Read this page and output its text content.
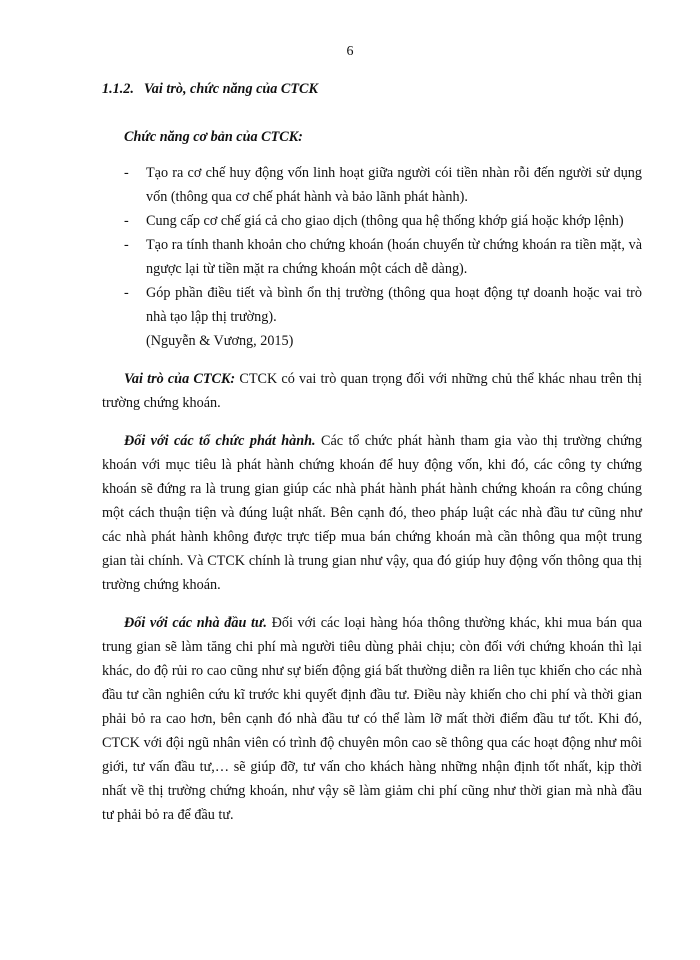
6
1.1.2. Vai trò, chức năng của CTCK
Chức năng cơ bản của CTCK:
- Tạo ra cơ chế huy động vốn linh hoạt giữa người cói tiền nhàn rỗi đến người sử dụng vốn (thông qua cơ chế phát hành và bảo lãnh phát hành).
- Cung cấp cơ chế giá cả cho giao dịch (thông qua hệ thống khớp giá hoặc khớp lệnh)
- Tạo ra tính thanh khoản cho chứng khoán (hoán chuyển từ chứng khoán ra tiền mặt, và ngược lại từ tiền mặt ra chứng khoán một cách dễ dàng).
- Góp phần điều tiết và bình ổn thị trường (thông qua hoạt động tự doanh hoặc vai trò nhà tạo lập thị trường).
(Nguyễn & Vương, 2015)

Vai trò của CTCK: CTCK có vai trò quan trọng đối với những chủ thể khác nhau trên thị trường chứng khoán.

Đối với các tổ chức phát hành. Các tổ chức phát hành tham gia vào thị trường chứng khoán với mục tiêu là phát hành chứng khoán để huy động vốn, khi đó, các công ty chứng khoán sẽ đứng ra là trung gian giúp các nhà phát hành phát hành chứng khoán ra công chúng một cách thuận tiện và đúng luật nhất. Bên cạnh đó, theo pháp luật các nhà đầu tư cũng như các nhà phát hành không được trực tiếp mua bán chứng khoán mà cần thông qua một trung gian tài chính. Và CTCK chính là trung gian như vậy, qua đó giúp huy động vốn thông qua thị trường chứng khoán.

Đối với các nhà đầu tư. Đối với các loại hàng hóa thông thường khác, khi mua bán qua trung gian sẽ làm tăng chi phí mà người tiêu dùng phải chịu; còn đối với chứng khoán thì lại khác, do độ rủi ro cao cũng như sự biến động giá bất thường diễn ra liên tục khiến cho các nhà đầu tư cần nghiên cứu kĩ trước khi quyết định đầu tư. Điều này khiến cho chi phí và thời gian phải bỏ ra cao hơn, bên cạnh đó nhà đầu tư có thể làm lỡ mất thời điểm đầu tư tốt. Khi đó, CTCK với đội ngũ nhân viên có trình độ chuyên môn cao sẽ thông qua các hoạt động như môi giới, tư vấn đầu tư,… sẽ giúp đỡ, tư vấn cho khách hàng những nhận định tốt nhất, kịp thời nhất về thị trường chứng khoán, như vậy sẽ làm giảm chi phí cũng như thời gian mà nhà đầu tư phải bỏ ra để đầu tư.
